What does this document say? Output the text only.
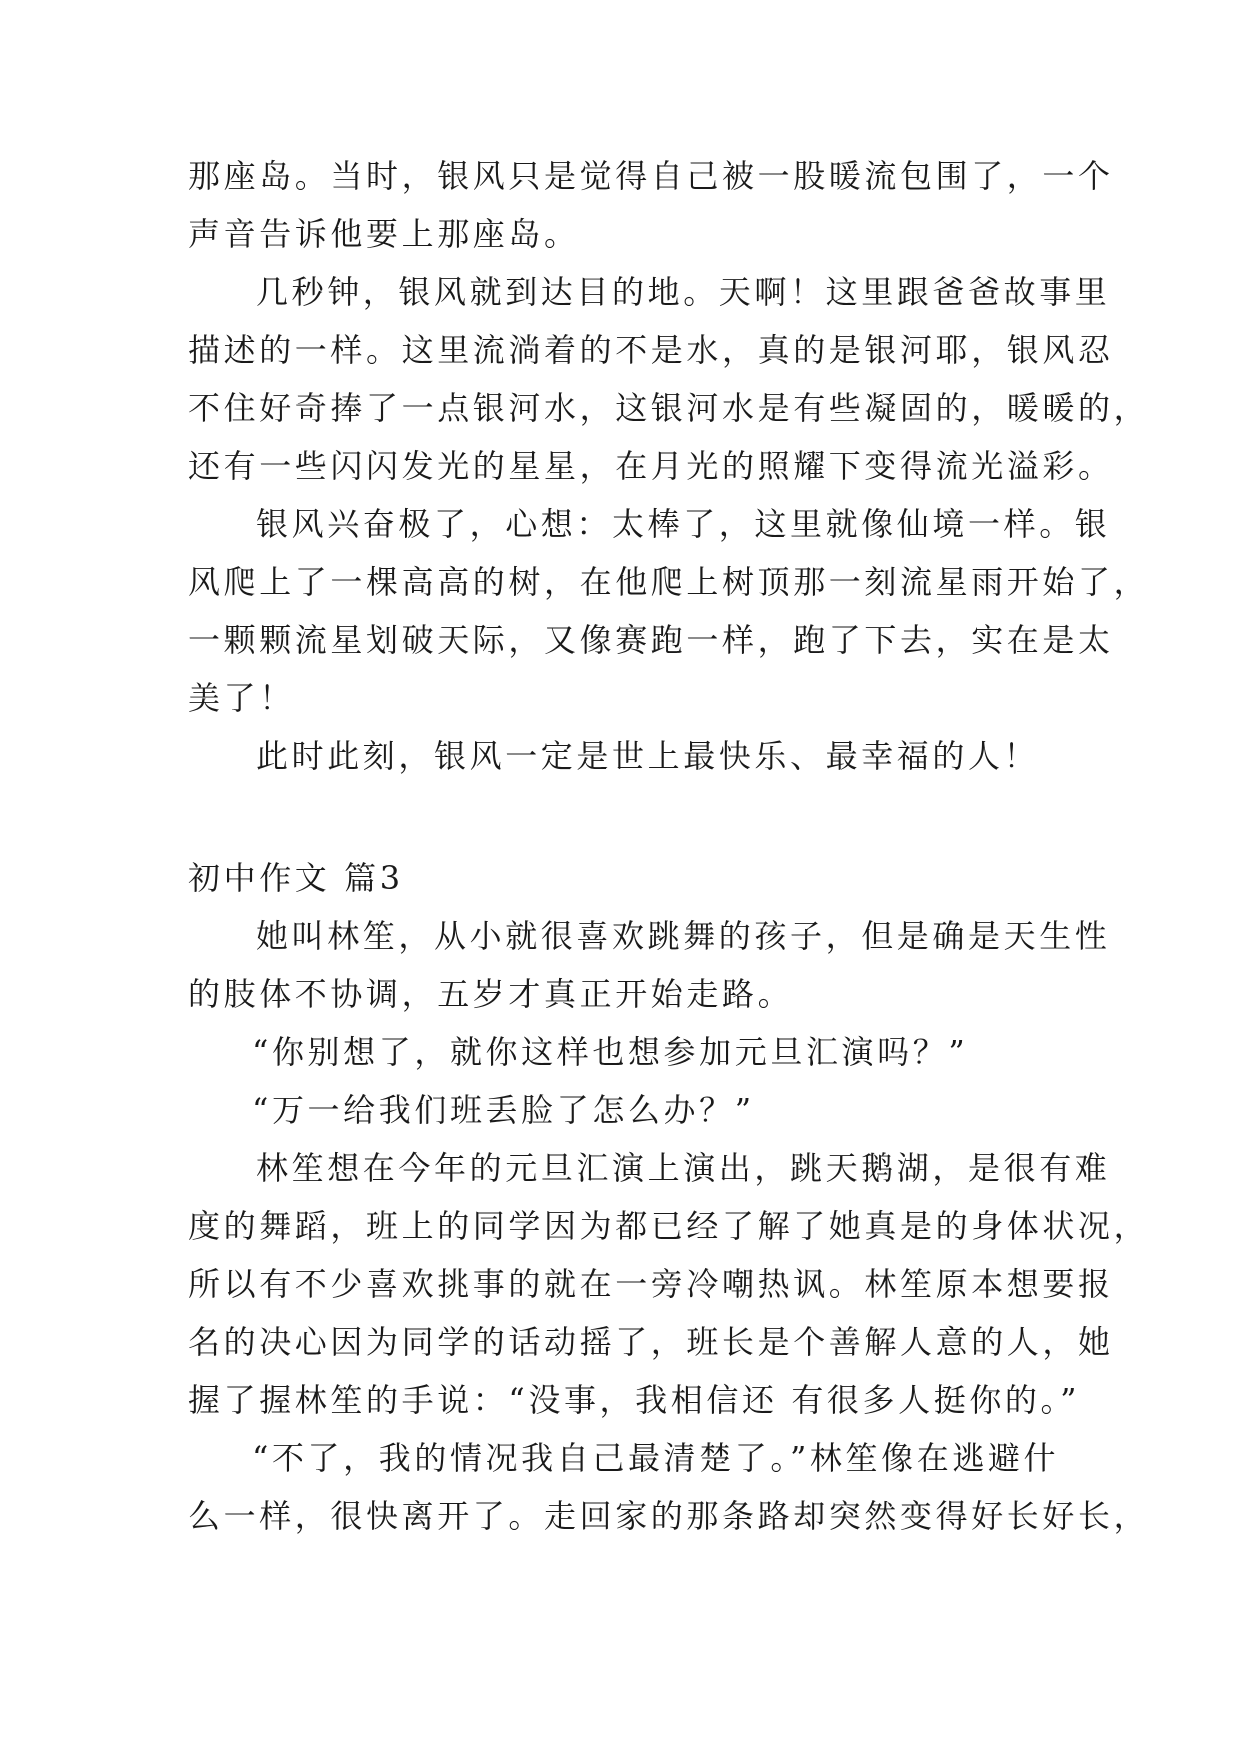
那座岛。当时，银风只是觉得自己被一股暖流包围了，一个
声音告诉他要上那座岛。
几秒钟，银风就到达目的地。天啊！这里跟爸爸故事里
描述的一样。这里流淌着的不是水，真的是银河耶，银风忍
不住好奇捧了一点银河水，这银河水是有些凝固的，暖暖的，
还有一些闪闪发光的星星，在月光的照耀下变得流光溢彩。
银风兴奋极了，心想：太棒了，这里就像仙境一样。银
风爬上了一棵高高的树，在他爬上树顶那一刻流星雨开始了，
一颗颗流星划破天际，又像赛跑一样，跑了下去，实在是太
美了！
此时此刻，银风一定是世上最快乐、最幸福的人！
初中作文 篇3
她叫林笙，从小就很喜欢跳舞的孩子，但是确是天生性
的肢体不协调，五岁才真正开始走路。
“你别想了，就你这样也想参加元旦汇演吗？”
“万一给我们班丢脸了怎么办？”
林笙想在今年的元旦汇演上演出，跳天鹅湖，是很有难
度的舞蹈，班上的同学因为都已经了解了她真是的身体状况，
所以有不少喜欢挑事的就在一旁冷嘲热讽。林笙原本想要报
名的决心因为同学的话动摇了，班长是个善解人意的人，她
握了握林笙的手说：“没事，我相信还 有很多人挺你的。”
“不了，我的情况我自己最清楚了。”林笙像在逃避什
么一样，很快离开了。走回家的那条路却突然变得好长好长，
